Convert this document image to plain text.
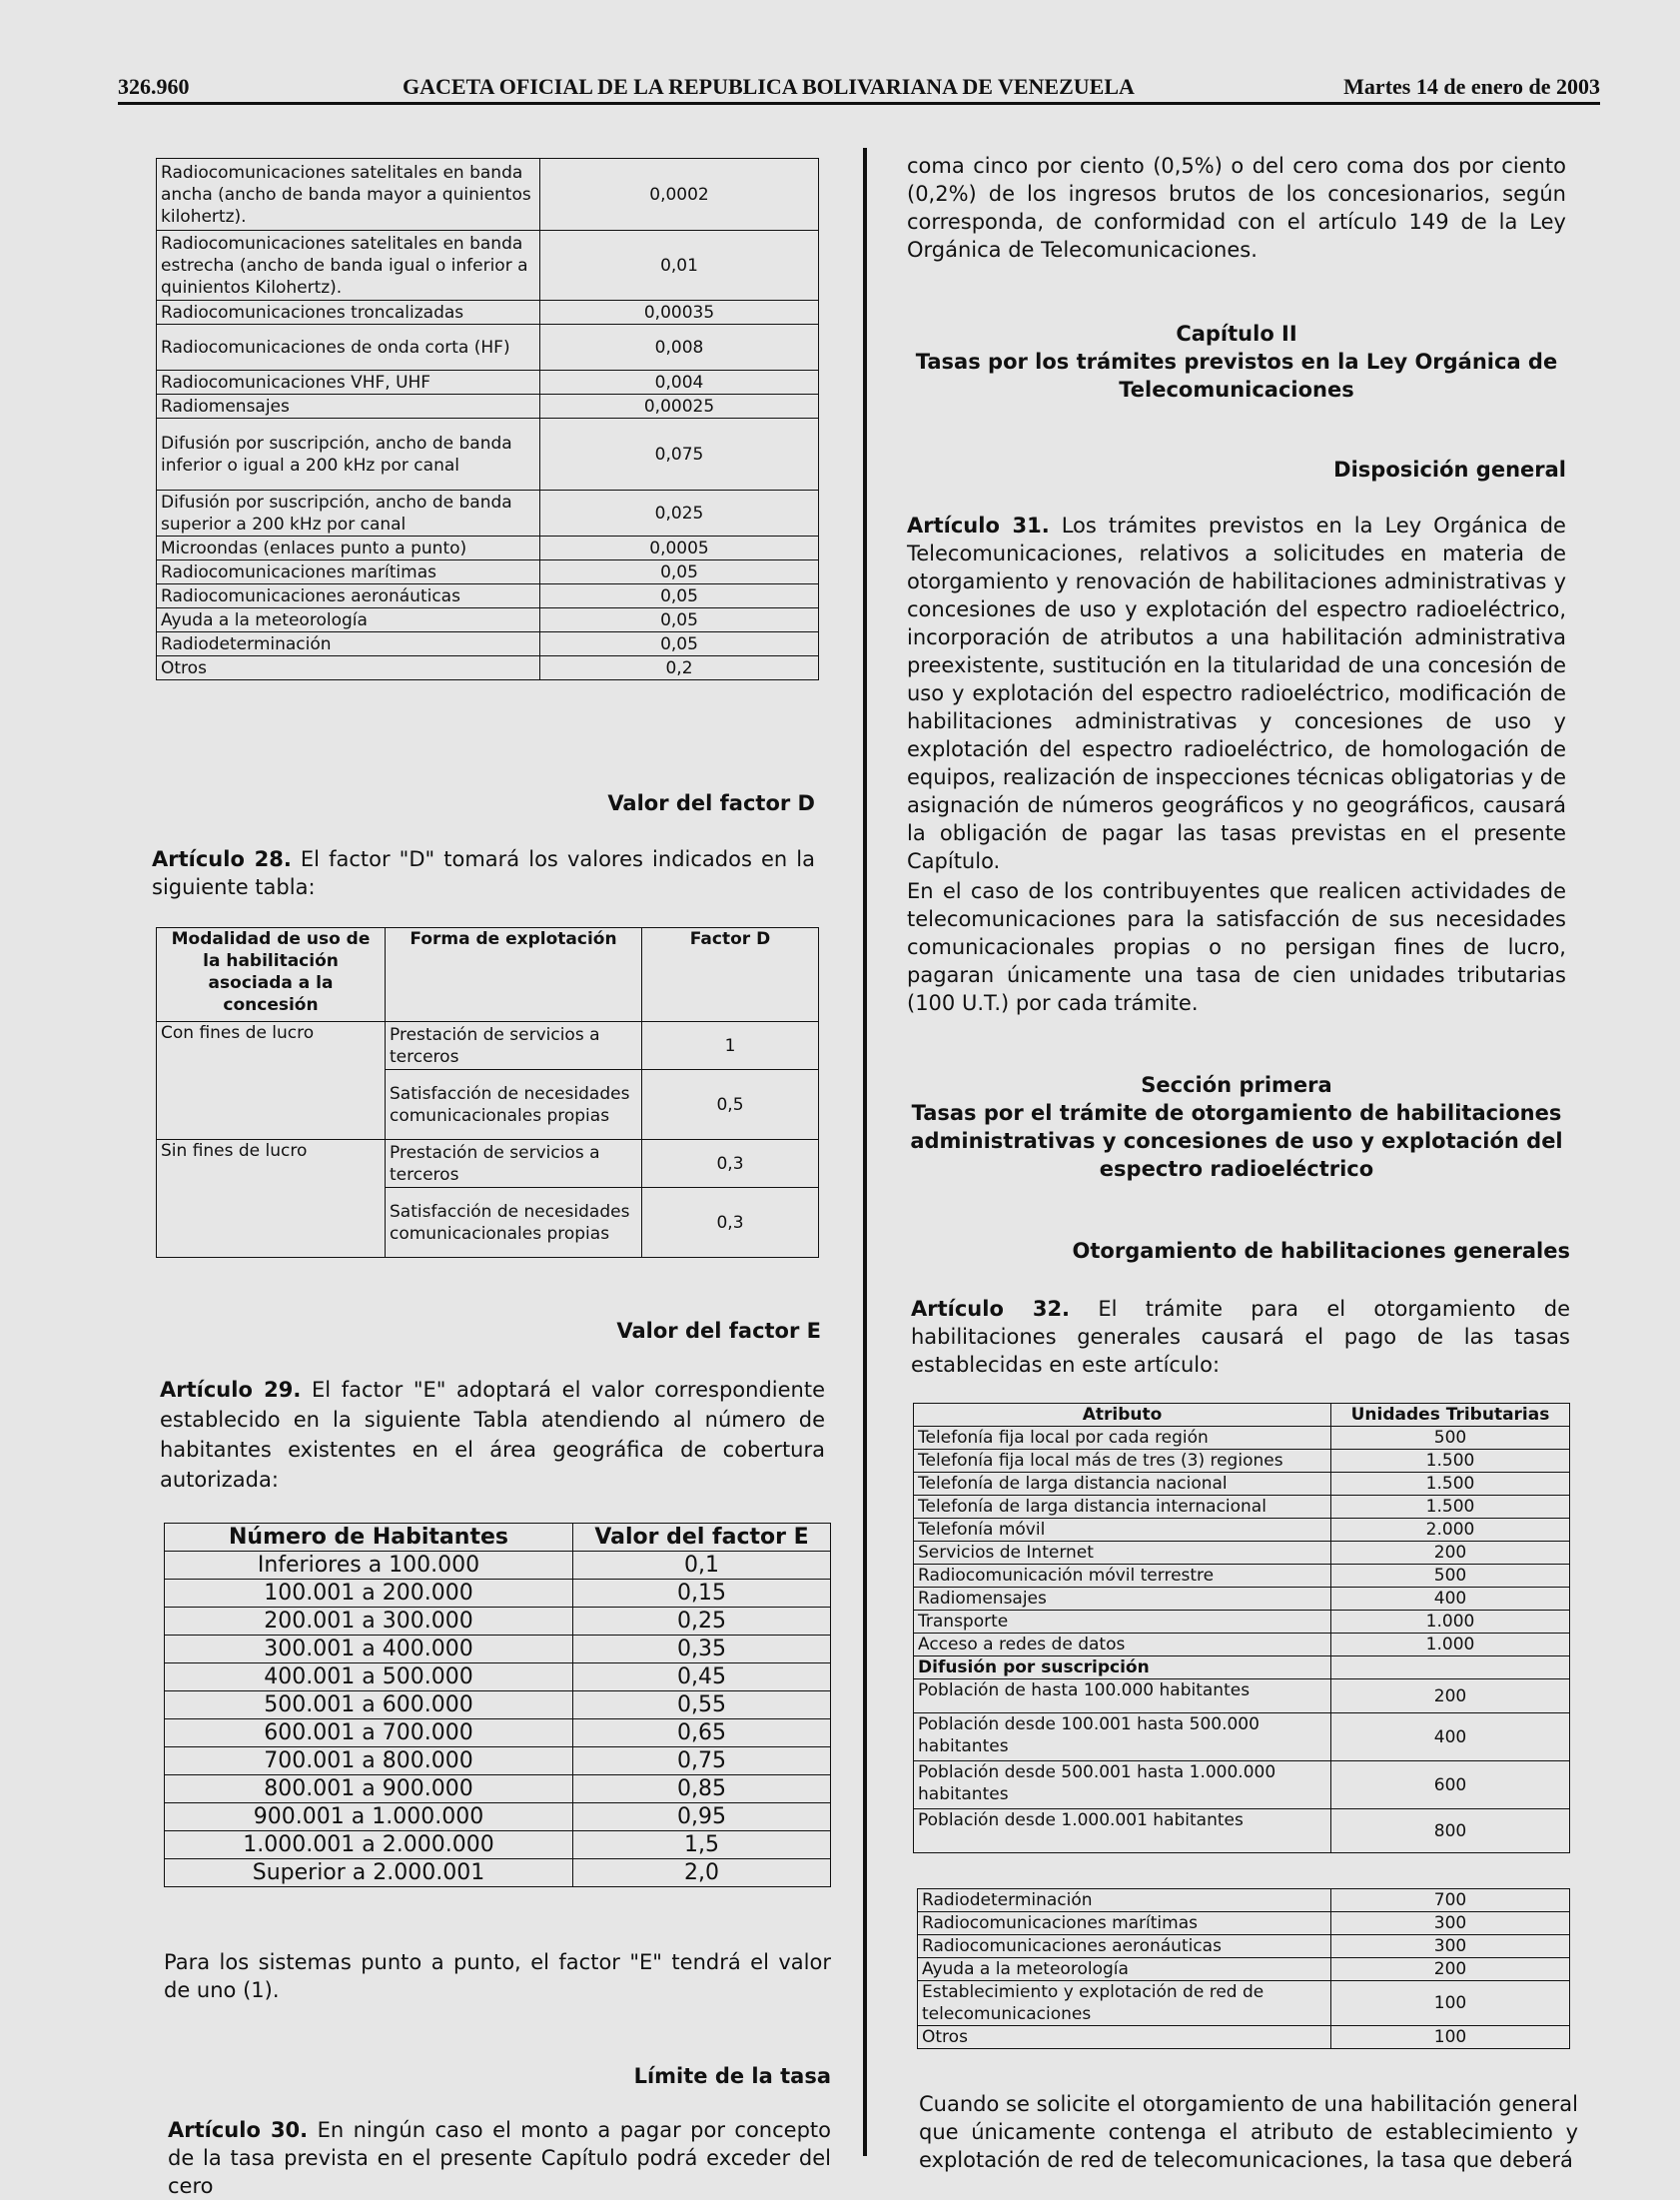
326.960	GACETA OFICIAL DE LA REPUBLICA BOLIVARIANA DE VENEZUELA	Martes 14 de enero de 2003
Radiocomunicaciones satelitales en banda ancha (ancho de banda mayor a quinientos kilohertz).	0,0002
Radiocomunicaciones satelitales en banda estrecha (ancho de banda igual o inferior a quinientos Kilohertz).	0,01
Radiocomunicaciones troncalizadas	0,00035
Radiocomunicaciones de onda corta (HF)	0,008
Radiocomunicaciones VHF, UHF	0,004
Radiomensajes	0,00025
Difusión por suscripción, ancho de banda inferior o igual a 200 kHz por canal	0,075
Difusión por suscripción, ancho de banda superior a 200 kHz por canal	0,025
Microondas (enlaces punto a punto)	0,0005
Radiocomunicaciones marítimas	0,05
Radiocomunicaciones aeronáuticas	0,05
Ayuda a la meteorología	0,05
Radiodeterminación	0,05
Otros	0,2

Valor del factor D

Artículo 28. El factor "D" tomará los valores indicados en la siguiente tabla:

Modalidad de uso de la habilitación asociada a la concesión	Forma de explotación	Factor D
Con fines de lucro	Prestación de servicios a terceros	1
	Satisfacción de necesidades comunicacionales propias	0,5
Sin fines de lucro	Prestación de servicios a terceros	0,3
	Satisfacción de necesidades comunicacionales propias	0,3

Valor del factor E

Artículo 29. El factor "E" adoptará el valor correspondiente establecido en la siguiente Tabla atendiendo al número de habitantes existentes en el área geográfica de cobertura autorizada:

Número de Habitantes	Valor del factor E
Inferiores a 100.000	0,1
100.001 a 200.000	0,15
200.001 a 300.000	0,25
300.001 a 400.000	0,35
400.001 a 500.000	0,45
500.001 a 600.000	0,55
600.001 a 700.000	0,65
700.001 a 800.000	0,75
800.001 a 900.000	0,85
900.001 a 1.000.000	0,95
1.000.001 a 2.000.000	1,5
Superior a 2.000.001	2,0

Para los sistemas punto a punto, el factor "E" tendrá el valor de uno (1).

Límite de la tasa

Artículo 30. En ningún caso el monto a pagar por concepto de la tasa prevista en el presente Capítulo podrá exceder del cero

coma cinco por ciento (0,5%) o del cero coma dos por ciento (0,2%) de los ingresos brutos de los concesionarios, según corresponda, de conformidad con el artículo 149 de la Ley Orgánica de Telecomunicaciones.

Capítulo II

Tasas por los trámites previstos en la Ley Orgánica de Telecomunicaciones

Disposición general

Artículo 31. Los trámites previstos en la Ley Orgánica de Telecomunicaciones, relativos a solicitudes en materia de otorgamiento y renovación de habilitaciones administrativas y concesiones de uso y explotación del espectro radioeléctrico, incorporación de atributos a una habilitación administrativa preexistente, sustitución en la titularidad de una concesión de uso y explotación del espectro radioeléctrico, modificación de habilitaciones administrativas y concesiones de uso y explotación del espectro radioeléctrico, de homologación de equipos, realización de inspecciones técnicas obligatorias y de asignación de números geográficos y no geográficos, causará la obligación de pagar las tasas previstas en el presente Capítulo.

En el caso de los contribuyentes que realicen actividades de telecomunicaciones para la satisfacción de sus necesidades comunicacionales propias o no persigan fines de lucro, pagaran únicamente una tasa de cien unidades tributarias (100 U.T.) por cada trámite.

Sección primera

Tasas por el trámite de otorgamiento de habilitaciones administrativas y concesiones de uso y explotación del espectro radioeléctrico

Otorgamiento de habilitaciones generales

Artículo 32. El trámite para el otorgamiento de habilitaciones generales causará el pago de las tasas establecidas en este artículo:

Atributo	Unidades Tributarias
Telefonía fija local por cada región	500
Telefonía fija local más de tres (3) regiones	1.500
Telefonía de larga distancia nacional	1.500
Telefonía de larga distancia internacional	1.500
Telefonía móvil	2.000
Servicios de Internet	200
Radiocomunicación móvil terrestre	500
Radiomensajes	400
Transporte	1.000
Acceso a redes de datos	1.000
Difusión por suscripción	
Población de hasta 100.000 habitantes	200
Población desde 100.001 hasta 500.000 habitantes	400
Población desde 500.001 hasta 1.000.000 habitantes	600
Población desde 1.000.001 habitantes	800
Radiodeterminación	700
Radiocomunicaciones marítimas	300
Radiocomunicaciones aeronáuticas	300
Ayuda a la meteorología	200
Establecimiento y explotación de red de telecomunicaciones	100
Otros	100

Cuando se solicite el otorgamiento de una habilitación general que únicamente contenga el atributo de establecimiento y explotación de red de telecomunicaciones, la tasa que deberá
